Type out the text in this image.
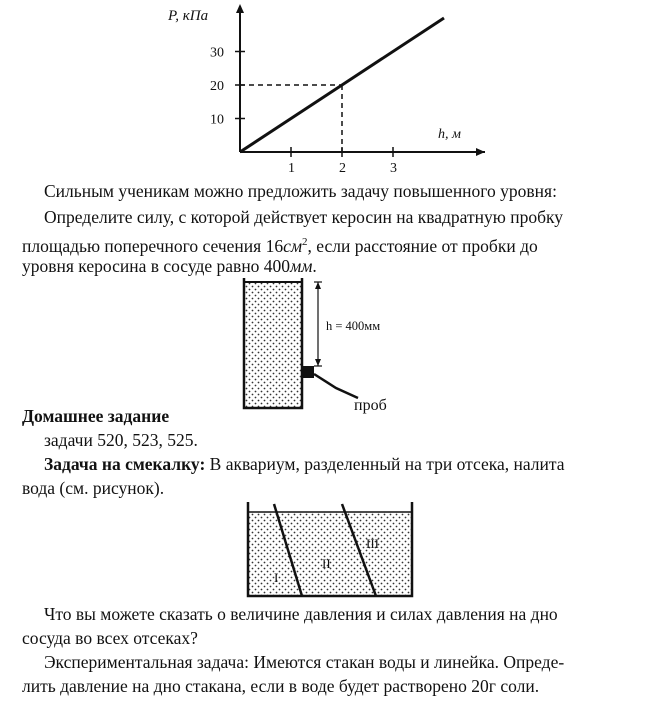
10
20
30
1	2	3
P, кПа
h, м
Сильным ученикам можно предложить задачу повышенного уровня:
Определите силу, с которой действует керосин на квадратную пробку
площадью поперечного сечения $16см^2$, если расстояние от пробки до
уровня керосина в сосуде равно 400мм.
h = 400мм
проб
Домашнее задание
задачи 520, 523, 525.
Задача на смекалку: В аквариум, разделенный на три отсека, налита
вода (см. рисунок).
I
II
III
Что вы можете сказать о величине давления и силах давления на дно
сосуда во всех отсеках?
Экспериментальная задача: Имеются стакан воды и линейка. Опреде-
лить давление на дно стакана, если в воде будет растворено 20г соли.
